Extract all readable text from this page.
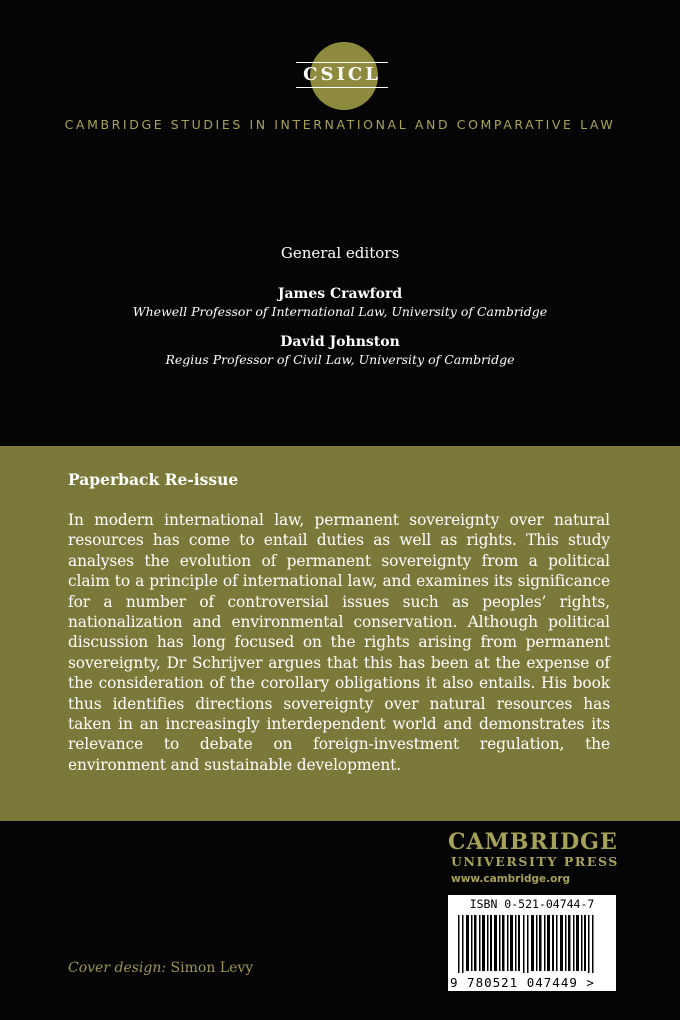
CSICL
CAMBRIDGE STUDIES IN INTERNATIONAL AND COMPARATIVE LAW
General editors
James Crawford
Whewell Professor of International Law, University of Cambridge
David Johnston
Regius Professor of Civil Law, University of Cambridge
Paperback Re-issue
In modern international law, permanent sovereignty over natural resources has come to entail duties as well as rights. This study analyses the evolution of permanent sovereignty from a political claim to a principle of international law, and examines its significance for a number of controversial issues such as peoples’ rights, nationalization and environmental conservation. Although political discussion has long focused on the rights arising from permanent sovereignty, Dr Schrijver argues that this has been at the expense of the consideration of the corollary obligations it also entails. His book thus identifies directions sovereignty over natural resources has taken in an increasingly interdependent world and demonstrates its relevance to debate on foreign-investment regulation, the environment and sustainable development.
CAMBRIDGE
UNIVERSITY PRESS
www.cambridge.org
ISBN 0-521-04744-7
9 780521 047449 >
Cover design: Simon Levy
